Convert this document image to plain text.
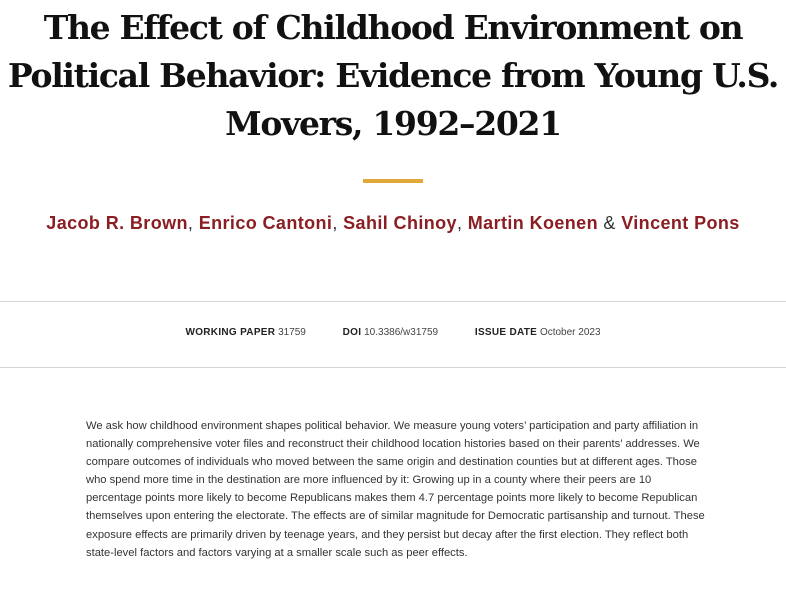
The Effect of Childhood Environment on
Political Behavior: Evidence from Young U.S.
Movers, 1992–2021
Jacob R. Brown, Enrico Cantoni, Sahil Chinoy, Martin Koenen & Vincent Pons
WORKING PAPER 31759	DOI 10.3386/w31759	ISSUE DATE October 2023

We ask how childhood environment shapes political behavior. We measure young voters’ participation and party affiliation in nationally comprehensive voter files and reconstruct their childhood location histories based on their parents’ addresses. We compare outcomes of individuals who moved between the same origin and destination counties but at different ages. Those who spend more time in the destination are more influenced by it: Growing up in a county where their peers are 10 percentage points more likely to become Republicans makes them 4.7 percentage points more likely to become Republican themselves upon entering the electorate. The effects are of similar magnitude for Democratic partisanship and turnout. These exposure effects are primarily driven by teenage years, and they persist but decay after the first election. They reflect both state-level factors and factors varying at a smaller scale such as peer effects.
